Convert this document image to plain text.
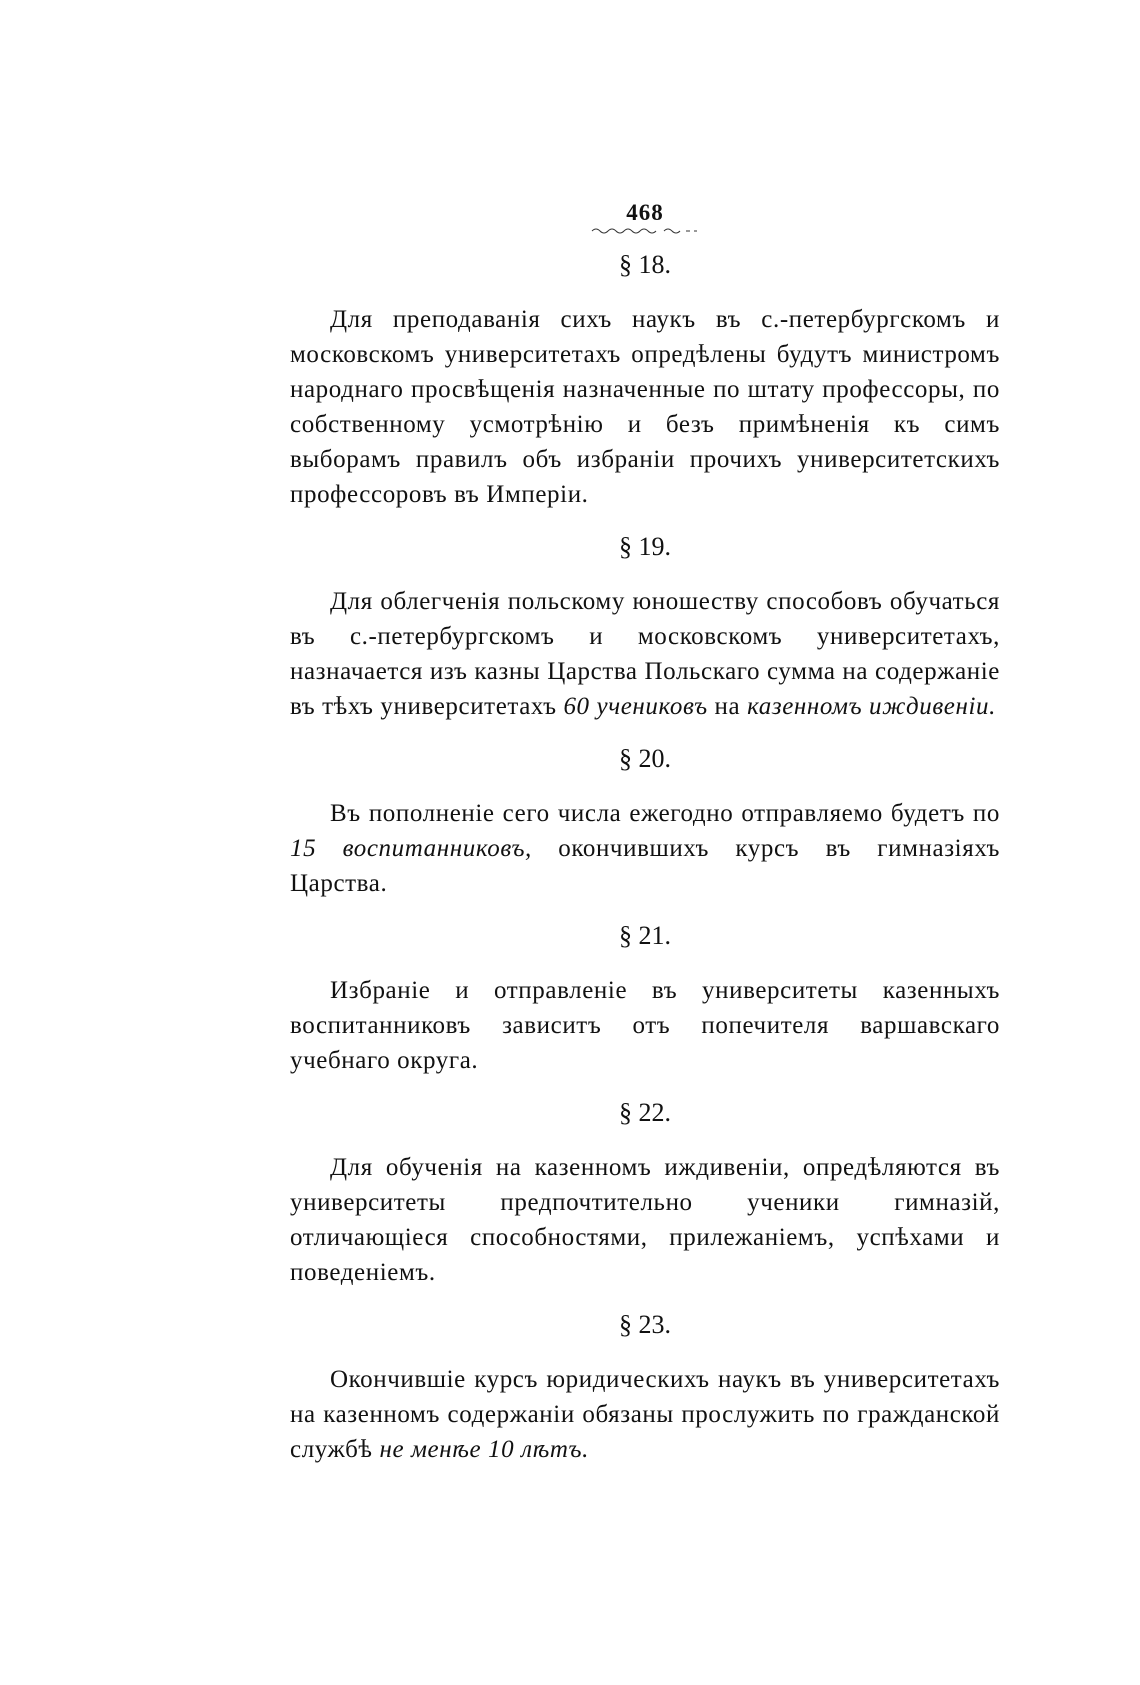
468
§ 18.

Для преподаванія сихъ наукъ въ с.-петербургскомъ и московскомъ университетахъ опредѣлены будутъ министромъ народнаго просвѣщенія назначенные по штату профессоры, по собственному усмотрѣнію и безъ примѣненія къ симъ выборамъ правилъ объ избраніи прочихъ университетскихъ профессоровъ въ Имперіи.

§ 19.

Для облегченія польскому юношеству способовъ обучаться въ с.-петербургскомъ и московскомъ университетахъ, назначается изъ казны Царства Польскаго сумма на содержаніе въ тѣхъ университетахъ 60 учениковъ на казенномъ иждивеніи.

§ 20.

Въ пополненіе сего числа ежегодно отправляемо будетъ по 15 воспитанниковъ, окончившихъ курсъ въ гимназіяхъ Царства.

§ 21.

Избраніе и отправленіе въ университеты казенныхъ воспитанниковъ зависитъ отъ попечителя варшавскаго учебнаго округа.

§ 22.

Для обученія на казенномъ иждивеніи, опредѣляются въ университеты предпочтительно ученики гимназій, отличающіеся способностями, прилежаніемъ, успѣхами и поведеніемъ.

§ 23.

Окончившіе курсъ юридическихъ наукъ въ университетахъ на казенномъ содержаніи обязаны прослужить по гражданской службѣ не менѣе 10 лѣтъ.
